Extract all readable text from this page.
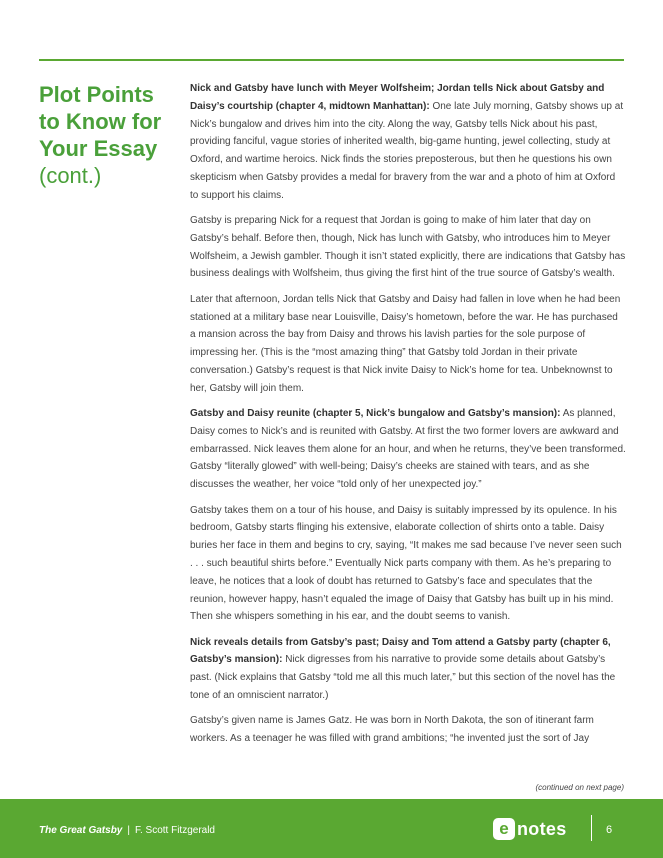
Plot Points to Know for Your Essay
(cont.)

Nick and Gatsby have lunch with Meyer Wolfsheim; Jordan tells Nick about Gatsby and Daisy’s courtship (chapter 4, midtown Manhattan): One late July morning, Gatsby shows up at Nick’s bungalow and drives him into the city. Along the way, Gatsby tells Nick about his past, providing fanciful, vague stories of inherited wealth, big-game hunting, jewel collecting, study at Oxford, and wartime heroics. Nick finds the stories preposterous, but then he questions his own skepticism when Gatsby provides a medal for bravery from the war and a photo of him at Oxford to support his claims.

Gatsby is preparing Nick for a request that Jordan is going to make of him later that day on Gatsby’s behalf. Before then, though, Nick has lunch with Gatsby, who introduces him to Meyer Wolfsheim, a Jewish gambler. Though it isn’t stated explicitly, there are indications that Gatsby has business dealings with Wolfsheim, thus giving the first hint of the true source of Gatsby’s wealth.

Later that afternoon, Jordan tells Nick that Gatsby and Daisy had fallen in love when he had been stationed at a military base near Louisville, Daisy’s hometown, before the war. He has purchased a mansion across the bay from Daisy and throws his lavish parties for the sole purpose of impressing her. (This is the “most amazing thing” that Gatsby told Jordan in their private conversation.) Gatsby’s request is that Nick invite Daisy to Nick’s home for tea. Unbeknownst to her, Gatsby will join them.

Gatsby and Daisy reunite (chapter 5, Nick’s bungalow and Gatsby’s mansion): As planned, Daisy comes to Nick’s and is reunited with Gatsby. At first the two former lovers are awkward and embarrassed. Nick leaves them alone for an hour, and when he returns, they’ve been transformed. Gatsby “literally glowed” with well-being; Daisy’s cheeks are stained with tears, and as she discusses the weather, her voice “told only of her unexpected joy.”

Gatsby takes them on a tour of his house, and Daisy is suitably impressed by its opulence. In his bedroom, Gatsby starts flinging his extensive, elaborate collection of shirts onto a table. Daisy buries her face in them and begins to cry, saying, “It makes me sad because I’ve never seen such . . . such beautiful shirts before.” Eventually Nick parts company with them. As he’s preparing to leave, he notices that a look of doubt has returned to Gatsby’s face and speculates that the reunion, however happy, hasn’t equaled the image of Daisy that Gatsby has built up in his mind. Then she whispers something in his ear, and the doubt seems to vanish.

Nick reveals details from Gatsby’s past; Daisy and Tom attend a Gatsby party (chapter 6, Gatsby’s mansion): Nick digresses from his narrative to provide some details about Gatsby’s past. (Nick explains that Gatsby “told me all this much later,” but this section of the novel has the tone of an omniscient narrator.)

Gatsby’s given name is James Gatz. He was born in North Dakota, the son of itinerant farm workers. As a teenager he was filled with grand ambitions; “he invented just the sort of Jay

(continued on next page)
The Great Gatsby | F. Scott Fitzgerald	e notes	6
